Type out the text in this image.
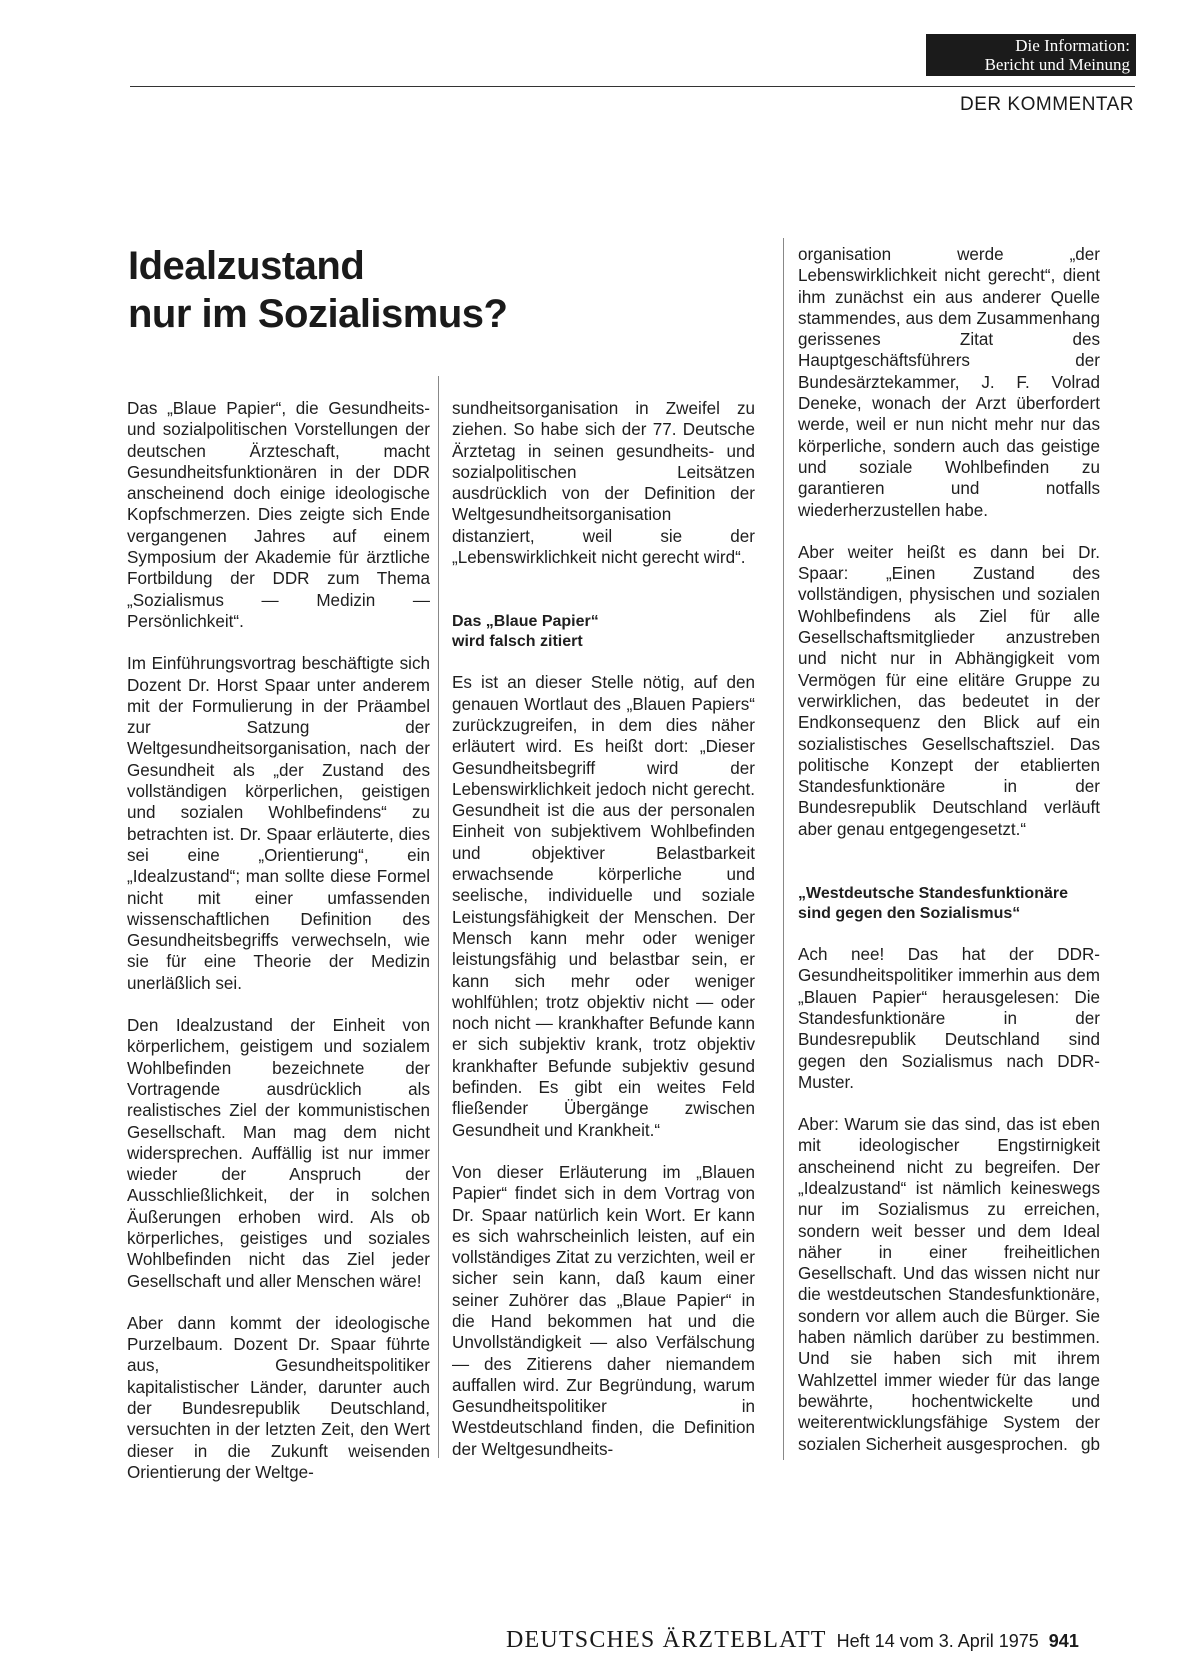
Die Information:
Bericht und Meinung
DER KOMMENTAR
Idealzustand
nur im Sozialismus?

Das „Blaue Papier“, die Gesundheits- und sozialpolitischen Vorstellungen der deutschen Ärzteschaft, macht Gesundheitsfunktionären in der DDR anscheinend doch einige ideologische Kopfschmerzen. Dies zeigte sich Ende vergangenen Jahres auf einem Symposium der Akademie für ärztliche Fortbildung der DDR zum Thema „Sozialismus — Medizin — Persönlichkeit“.

Im Einführungsvortrag beschäftigte sich Dozent Dr. Horst Spaar unter anderem mit der Formulierung in der Präambel zur Satzung der Weltgesundheitsorganisation, nach der Gesundheit als „der Zustand des vollständigen körperlichen, geistigen und sozialen Wohlbefindens“ zu betrachten ist. Dr. Spaar erläuterte, dies sei eine „Orientierung“, ein „Idealzustand“; man sollte diese Formel nicht mit einer umfassenden wissenschaftlichen Definition des Gesundheitsbegriffs verwechseln, wie sie für eine Theorie der Medizin unerläßlich sei.

Den Idealzustand der Einheit von körperlichem, geistigem und sozialem Wohlbefinden bezeichnete der Vortragende ausdrücklich als realistisches Ziel der kommunistischen Gesellschaft. Man mag dem nicht widersprechen. Auffällig ist nur immer wieder der Anspruch der Ausschließlichkeit, der in solchen Äußerungen erhoben wird. Als ob körperliches, geistiges und soziales Wohlbefinden nicht das Ziel jeder Gesellschaft und aller Menschen wäre!

Aber dann kommt der ideologische Purzelbaum. Dozent Dr. Spaar führte aus, Gesundheitspolitiker kapitalistischer Länder, darunter auch der Bundesrepublik Deutschland, versuchten in der letzten Zeit, den Wert dieser in die Zukunft weisenden Orientierung der Weltge-

sundheitsorganisation in Zweifel zu ziehen. So habe sich der 77. Deutsche Ärztetag in seinen gesundheits- und sozialpolitischen Leitsätzen ausdrücklich von der Definition der Weltgesundheitsorganisation distanziert, weil sie der „Lebenswirklichkeit nicht gerecht wird“.

Das „Blaue Papier“
wird falsch zitiert

Es ist an dieser Stelle nötig, auf den genauen Wortlaut des „Blauen Papiers“ zurückzugreifen, in dem dies näher erläutert wird. Es heißt dort: „Dieser Gesundheitsbegriff wird der Lebenswirklichkeit jedoch nicht gerecht. Gesundheit ist die aus der personalen Einheit von subjektivem Wohlbefinden und objektiver Belastbarkeit erwachsende körperliche und seelische, individuelle und soziale Leistungsfähigkeit der Menschen. Der Mensch kann mehr oder weniger leistungsfähig und belastbar sein, er kann sich mehr oder weniger wohlfühlen; trotz objektiv nicht — oder noch nicht — krankhafter Befunde kann er sich subjektiv krank, trotz objektiv krankhafter Befunde subjektiv gesund befinden. Es gibt ein weites Feld fließender Übergänge zwischen Gesundheit und Krankheit.“

Von dieser Erläuterung im „Blauen Papier“ findet sich in dem Vortrag von Dr. Spaar natürlich kein Wort. Er kann es sich wahrscheinlich leisten, auf ein vollständiges Zitat zu verzichten, weil er sicher sein kann, daß kaum einer seiner Zuhörer das „Blaue Papier“ in die Hand bekommen hat und die Unvollständigkeit — also Verfälschung — des Zitierens daher niemandem auffallen wird. Zur Begründung, warum Gesundheitspolitiker in Westdeutschland finden, die Definition der Weltgesundheits-

organisation werde „der Lebenswirklichkeit nicht gerecht“, dient ihm zunächst ein aus anderer Quelle stammendes, aus dem Zusammenhang gerissenes Zitat des Hauptgeschäftsführers der Bundesärztekammer, J. F. Volrad Deneke, wonach der Arzt überfordert werde, weil er nun nicht mehr nur das körperliche, sondern auch das geistige und soziale Wohlbefinden zu garantieren und notfalls wiederherzustellen habe.

Aber weiter heißt es dann bei Dr. Spaar: „Einen Zustand des vollständigen, physischen und sozialen Wohlbefindens als Ziel für alle Gesellschaftsmitglieder anzustreben und nicht nur in Abhängigkeit vom Vermögen für eine elitäre Gruppe zu verwirklichen, das bedeutet in der Endkonsequenz den Blick auf ein sozialistisches Gesellschaftsziel. Das politische Konzept der etablierten Standesfunktionäre in der Bundesrepublik Deutschland verläuft aber genau entgegengesetzt.“

„Westdeutsche Standesfunktionäre
sind gegen den Sozialismus“

Ach nee! Das hat der DDR-Gesundheitspolitiker immerhin aus dem „Blauen Papier“ herausgelesen: Die Standesfunktionäre in der Bundesrepublik Deutschland sind gegen den Sozialismus nach DDR-Muster.

Aber: Warum sie das sind, das ist eben mit ideologischer Engstirnigkeit anscheinend nicht zu begreifen. Der „Idealzustand“ ist nämlich keineswegs nur im Sozialismus zu erreichen, sondern weit besser und dem Ideal näher in einer freiheitlichen Gesellschaft. Und das wissen nicht nur die westdeutschen Standesfunktionäre, sondern vor allem auch die Bürger. Sie haben nämlich darüber zu bestimmen. Und sie haben sich mit ihrem Wahlzettel immer wieder für das lange bewährte, hochentwickelte und weiterentwicklungsfähige System der sozialen Sicherheit ausgesprochen. gb

DEUTSCHES ÄRZTEBLATT Heft 14 vom 3. April 1975 941
